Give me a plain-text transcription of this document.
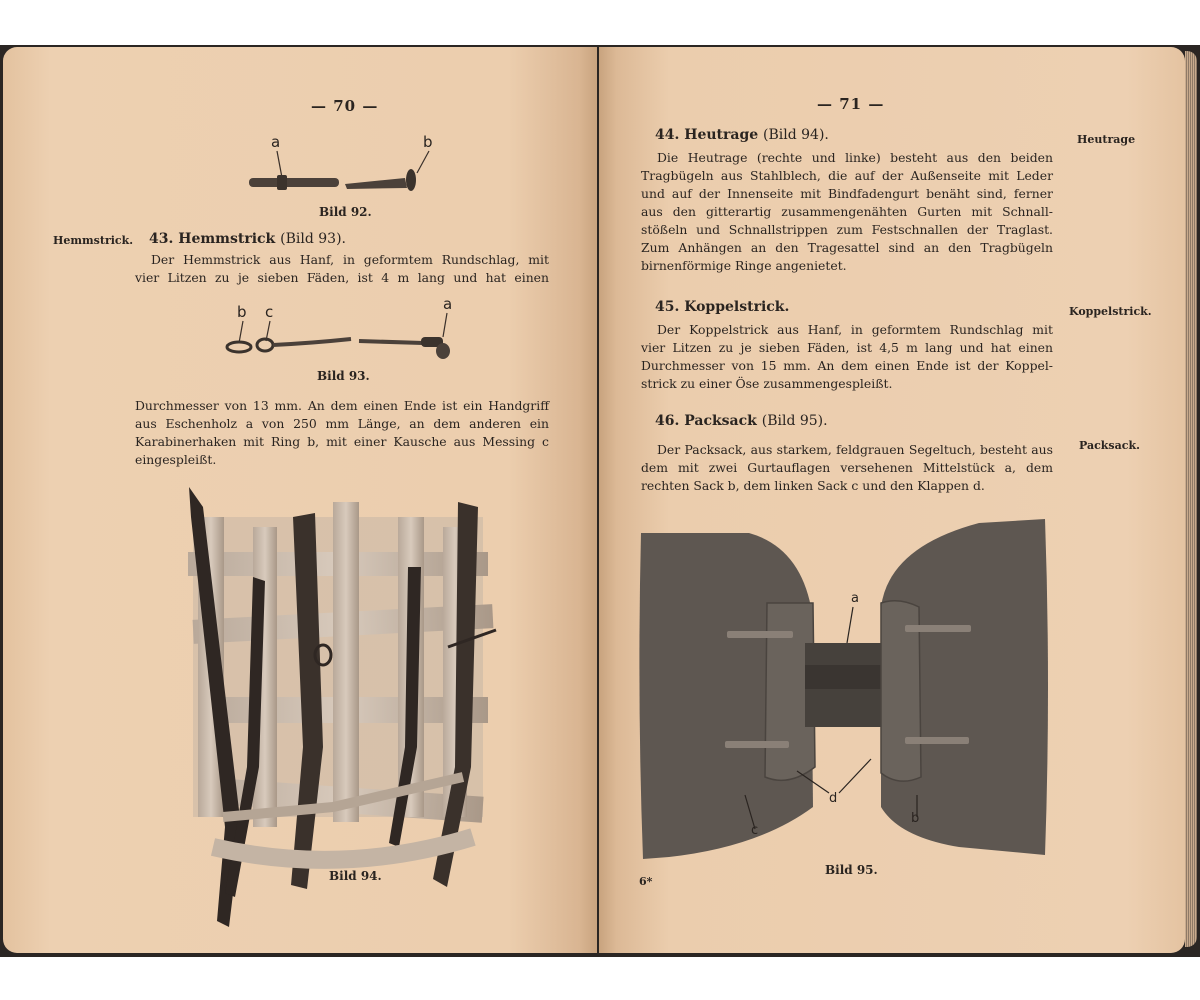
— 70 —
a	b
Bild 92.
Hemmstrick. 43. Hemmstrick (Bild 93).
Der Hemmstrick aus Hanf, in geformtem Rundschlag, mit
vier Litzen zu je sieben Fäden, ist 4 m lang und hat einen
b c	a
Bild 93.
Durchmesser von 13 mm. An dem einen Ende ist ein Handgriff
aus Eschenholz a von 250 mm Länge, an dem anderen ein
Karabinerhaken mit Ring b, mit einer Kausche aus Messing c
eingespleißt.
Bild 94.
— 71 —
44. Heutrage (Bild 94).	Heutrage
Die Heutrage (rechte und linke) besteht aus den beiden
Tragbügeln aus Stahlblech, die auf der Außenseite mit Leder
und auf der Innenseite mit Bindfadengurt benäht sind, ferner
aus den gitterartig zusammengenähten Gurten mit Schnall-
stößeln und Schnallstrippen zum Festschnallen der Traglast.
Zum Anhängen an den Tragesattel sind an den Tragbügeln
birnenförmige Ringe angenietet.
45. Koppelstrick.	Koppelstrick.
Der Koppelstrick aus Hanf, in geformtem Rundschlag mit
vier Litzen zu je sieben Fäden, ist 4,5 m lang und hat einen
Durchmesser von 15 mm. An dem einen Ende ist der Koppel-
strick zu einer Öse zusammengespleißt.
46. Packsack (Bild 95).
Packsack.
Der Packsack, aus starkem, feldgrauen Segeltuch, besteht aus
dem mit zwei Gurtauflagen versehenen Mittelstück a, dem
rechten Sack b, dem linken Sack c und den Klappen d.
a
d
c
b
Bild 95.
6*
